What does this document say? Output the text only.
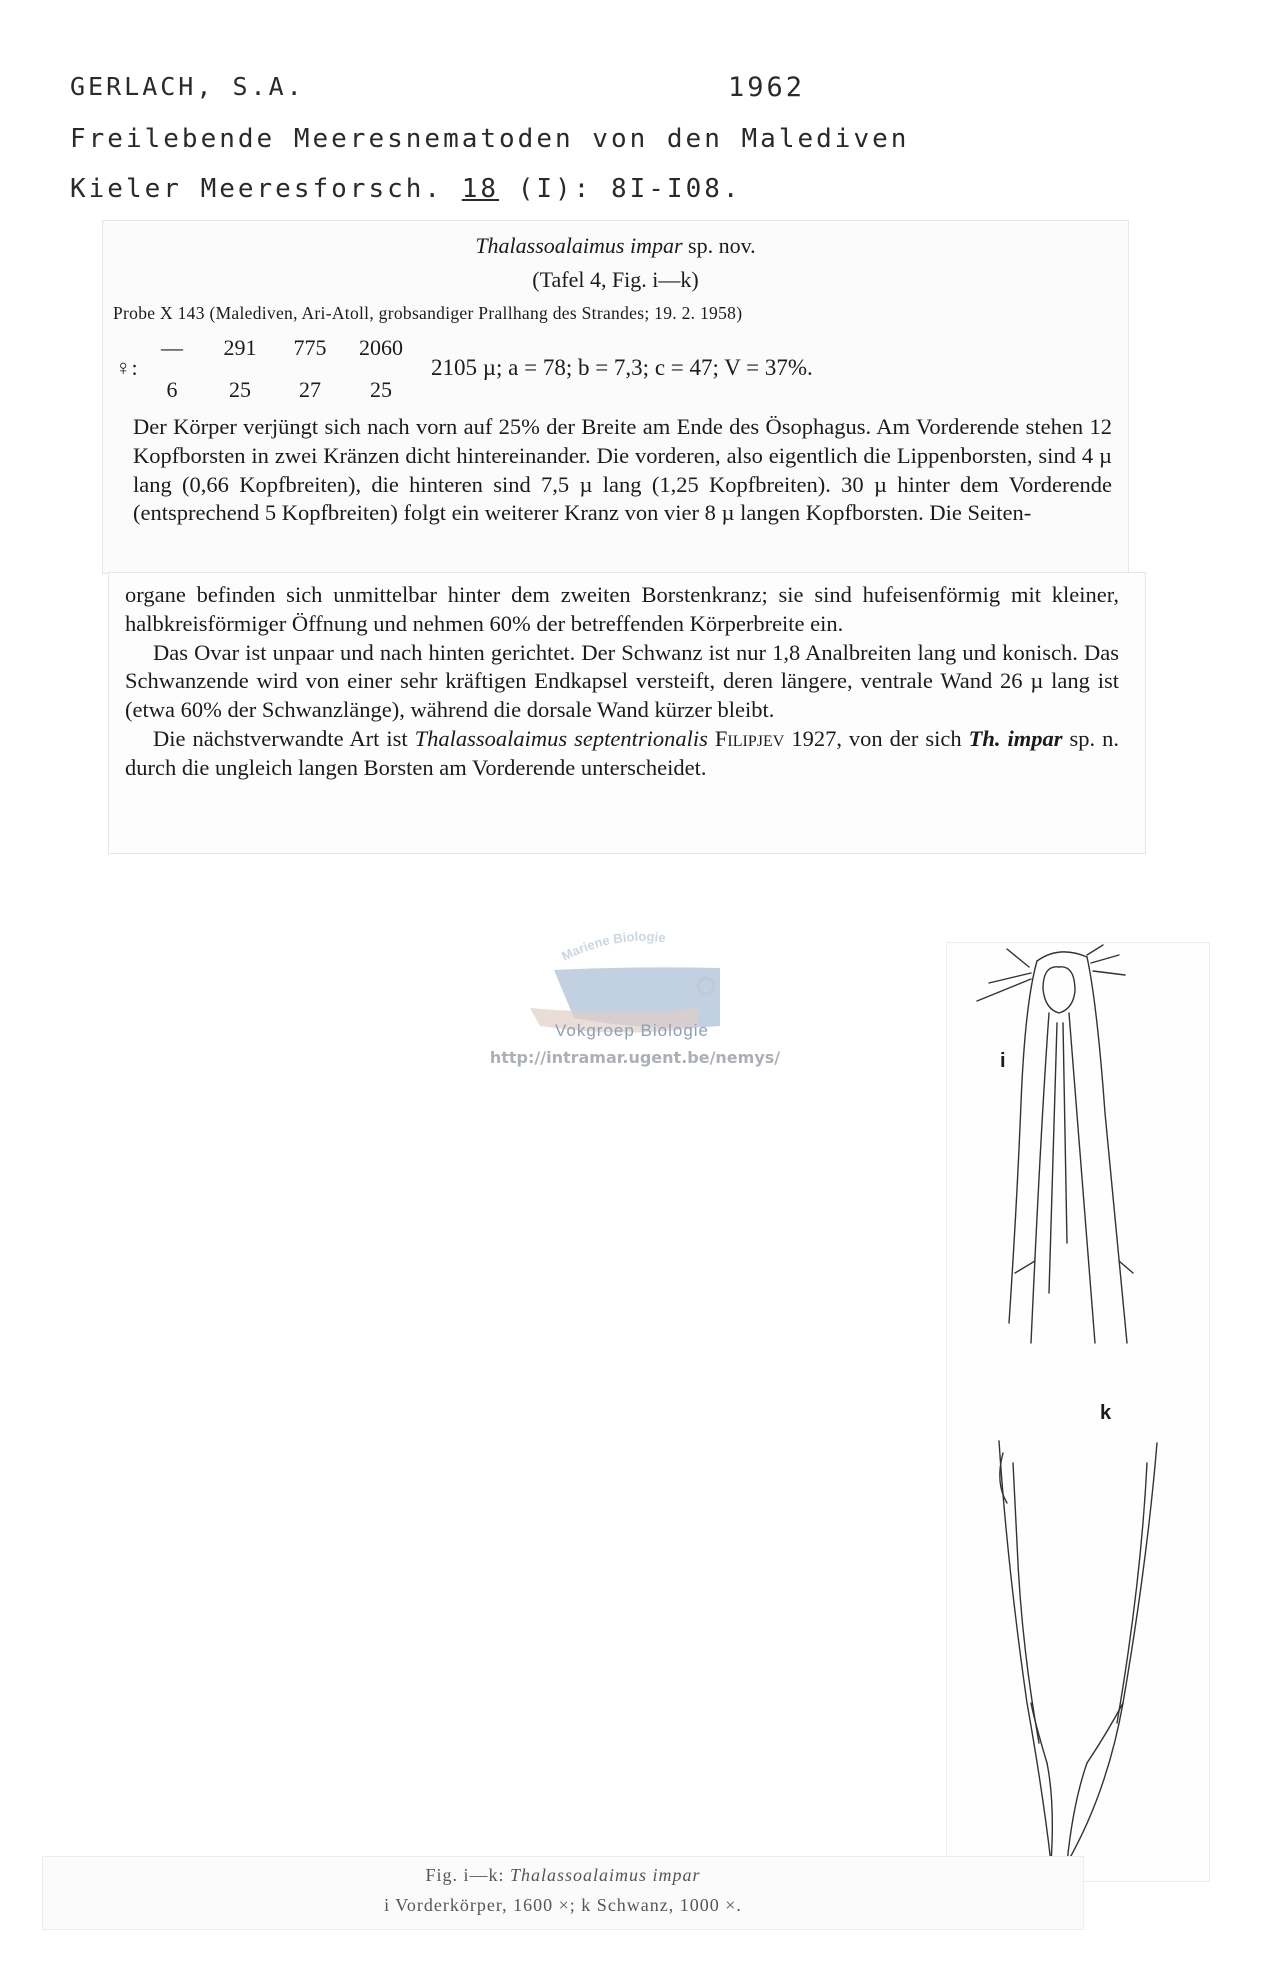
GERLACH, S.A.	1962
Freilebende Meeresnematoden von den Malediven
Kieler Meeresforsch. 18 (I): 8I-I08.
Thalassoalaimus impar sp. nov.
(Tafel 4, Fig. i—k)
Probe X 143 (Malediven, Ari-Atoll, grobsandiger Prallhang des Strandes; 19. 2. 1958)
♀:
—	291	775	2060
6	25	27	25
2105 µ; a = 78; b = 7,3; c = 47; V = 37%.

Der Körper verjüngt sich nach vorn auf 25% der Breite am Ende des Ösophagus. Am Vorderende stehen 12 Kopfborsten in zwei Kränzen dicht hintereinander. Die vorderen, also eigentlich die Lippenborsten, sind 4 µ lang (0,66 Kopfbreiten), die hinteren sind 7,5 µ lang (1,25 Kopfbreiten). 30 µ hinter dem Vorderende (entsprechend 5 Kopfbreiten) folgt ein weiterer Kranz von vier 8 µ langen Kopfborsten. Die Seiten-

organe befinden sich unmittelbar hinter dem zweiten Borstenkranz; sie sind hufeisenförmig mit kleiner, halbkreisförmiger Öffnung und nehmen 60% der betreffenden Körperbreite ein.

Das Ovar ist unpaar und nach hinten gerichtet. Der Schwanz ist nur 1,8 Analbreiten lang und konisch. Das Schwanzende wird von einer sehr kräftigen Endkapsel versteift, deren längere, ventrale Wand 26 µ lang ist (etwa 60% der Schwanzlänge), während die dorsale Wand kürzer bleibt.

Die nächstverwandte Art ist Thalassoalaimus septentrionalis Filipjev 1927, von der sich Th. impar sp. n. durch die ungleich langen Borsten am Vorderende unterscheidet.

Mariene Biologie
Vokgroep Biologie
http://intramar.ugent.be/nemys/	i
k
Fig. i—k: Thalassoalaimus impar
i Vorderkörper, 1600 ×; k Schwanz, 1000 ×.
